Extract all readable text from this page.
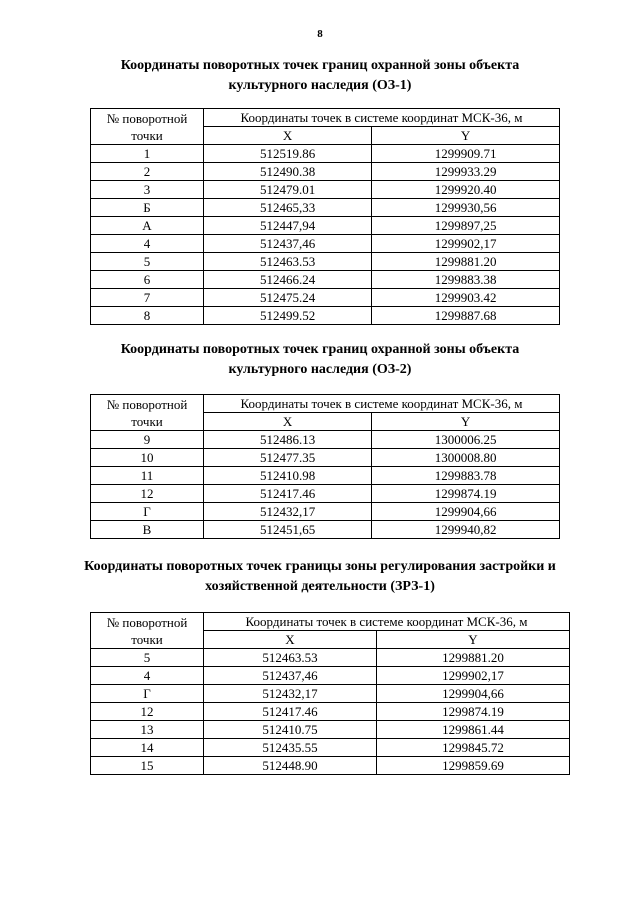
8
Координаты поворотных точек границ охранной зоны объекта
культурного наследия (ОЗ-1)
№ поворотной
точки	Координаты точек в системе координат МСК-36, м	
	X	Y
1	512519.86	1299909.71
2	512490.38	1299933.29
3	512479.01	1299920.40
Б	512465,33	1299930,56
А	512447,94	1299897,25
4	512437,46	1299902,17
5	512463.53	1299881.20
6	512466.24	1299883.38
7	512475.24	1299903.42
8	512499.52	1299887.68
Координаты поворотных точек границ охранной зоны объекта
культурного наследия (ОЗ-2)
№ поворотной
точки	Координаты точек в системе координат МСК-36, м	
	X	Y
9	512486.13	1300006.25
10	512477.35	1300008.80
11	512410.98	1299883.78
12	512417.46	1299874.19
Г	512432,17	1299904,66
В	512451,65	1299940,82
Координаты поворотных точек границы зоны регулирования застройки и
хозяйственной деятельности (ЗРЗ-1)
№ поворотной
точки	Координаты точек в системе координат МСК-36, м	
	X	Y
5	512463.53	1299881.20
4	512437,46	1299902,17
Г	512432,17	1299904,66
12	512417.46	1299874.19
13	512410.75	1299861.44
14	512435.55	1299845.72
15	512448.90	1299859.69
